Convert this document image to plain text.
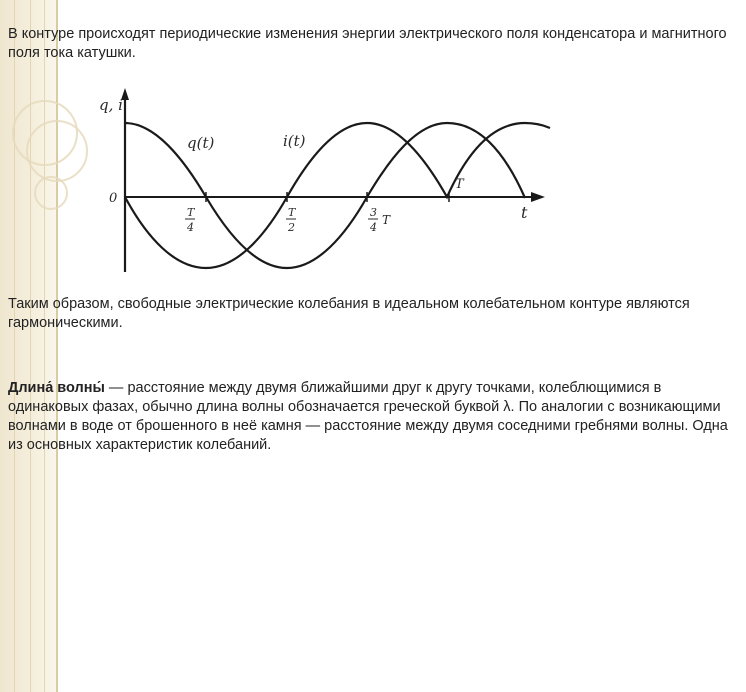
В контуре происходят периодические изменения энергии электрического поля конденсатора и магнитного поля тока катушки.
q, i
0
q(t)	i(t)
t
T
T
4
T
2
3
4
T
Таким образом, свободные электрические колебания в идеальном колебательном контуре являются гармоническими.
Длина́ волны́ — расстояние между двумя ближайшими друг к другу точками, колеблющимися в одинаковых фазах, обычно длина волны обозначается греческой буквой λ. По аналогии с возникающими волнами в воде от брошенного в неё камня — расстояние между двумя соседними гребнями волны. Одна из основных характеристик колебаний.
